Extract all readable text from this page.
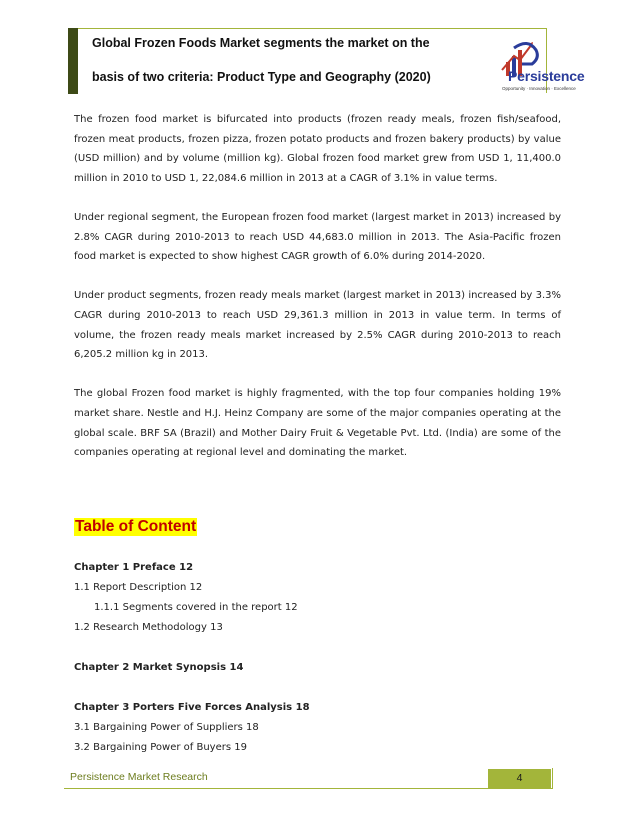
Global Frozen Foods Market segments the market on the
basis of two criteria: Product Type and Geography (2020)	Persistence
Opportunity · Innovation · Excellence

The frozen food market is bifurcated into products (frozen ready meals, frozen fish/seafood, frozen meat products, frozen pizza, frozen potato products and frozen bakery products) by value (USD million) and by volume (million kg). Global frozen food market grew from USD 1, 11,400.0 million in 2010 to USD 1, 22,084.6 million in 2013 at a CAGR of 3.1% in value terms.

Under regional segment, the European frozen food market (largest market in 2013) increased by 2.8% CAGR during 2010-2013 to reach USD 44,683.0 million in 2013. The Asia-Pacific frozen food market is expected to show highest CAGR growth of 6.0% during 2014-2020.

Under product segments, frozen ready meals market (largest market in 2013) increased by 3.3% CAGR during 2010-2013 to reach USD 29,361.3 million in 2013 in value term. In terms of volume, the frozen ready meals market increased by 2.5% CAGR during 2010-2013 to reach 6,205.2 million kg in 2013.

The global Frozen food market is highly fragmented, with the top four companies holding 19% market share. Nestle and H.J. Heinz Company are some of the major companies operating at the global scale. BRF SA (Brazil) and Mother Dairy Fruit & Vegetable Pvt. Ltd. (India) are some of the companies operating at regional level and dominating the market.

Table of Content
Chapter 1 Preface 12
1.1 Report Description 12
1.1.1 Segments covered in the report 12
1.2 Research Methodology 13
Chapter 2 Market Synopsis 14
Chapter 3 Porters Five Forces Analysis 18
3.1 Bargaining Power of Suppliers 18
3.2 Bargaining Power of Buyers 19
Persistence Market Research	4
